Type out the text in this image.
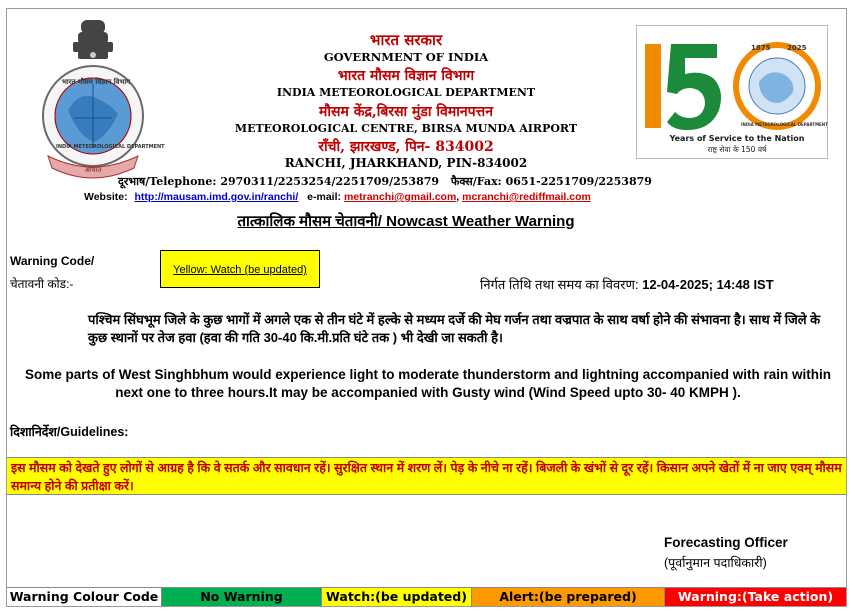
भारत मौसम विज्ञान विभाग
INDIA METEOROLOGICAL DEPARTMENT
आयात
भारत सरकार
GOVERNMENT OF INDIA
भारत मौसम विज्ञान विभाग
INDIA METEOROLOGICAL DEPARTMENT
मौसम केंद्र,बिरसा मुंडा विमानपत्तन
METEOROLOGICAL CENTRE, BIRSA MUNDA AIRPORT
राँची, झारखण्ड, पिन- 834002
RANCHI, JHARKHAND, PIN-834002
दूरभाष/Telephone: 2970311/2253254/2251709/253879 फैक्स/Fax: 0651-2251709/2253879
Website: http://mausam.imd.gov.in/ranchi/ e-mail: metranchi@gmail.com, mcranchi@rediffmail.com
1875 2025
INDIA METEOROLOGICAL DEPARTMENT
Years of Service to the Nation
राष्ट्र सेवा के 150 वर्ष
तात्कालिक मौसम चेतावनी/ Nowcast Weather Warning
Warning Code/
चेतावनी कोड:-
Yellow: Watch (be updated)
निर्गत तिथि तथा समय का विवरण: 12-04-2025; 14:48 IST
पश्चिम सिंघभूम जिले के कुछ भागों में अगले एक से तीन घंटे में हल्के से मध्यम दर्जे की मेघ गर्जन तथा वज्रपात के साथ वर्षा होने की संभावना है। साथ में जिले के कुछ स्थानों पर तेज हवा (हवा की गति 30-40 कि.मी.प्रति घंटे तक ) भी देखी जा सकती है।
Some parts of West Singhbhum would experience light to moderate thunderstorm and lightning accompanied with rain within next one to three hours.It may be accompanied with Gusty wind (Wind Speed upto 30- 40 KMPH ).
दिशानिर्देश/Guidelines:
इस मौसम को देखते हुए लोगों से आग्रह है कि वे सतर्क और सावधान रहें। सुरक्षित स्थान में शरण लें। पेड़ के नीचे ना रहें। बिजली के खंभों से दूर रहें। किसान अपने खेतों में ना जाए एवम् मौसम समान्य होने की प्रतीक्षा करें।
Forecasting Officer
(पूर्वानुमान पदाधिकारी)
Warning Colour Code	No Warning	Watch:(be updated)	Alert:(be prepared)	Warning:(Take action)
